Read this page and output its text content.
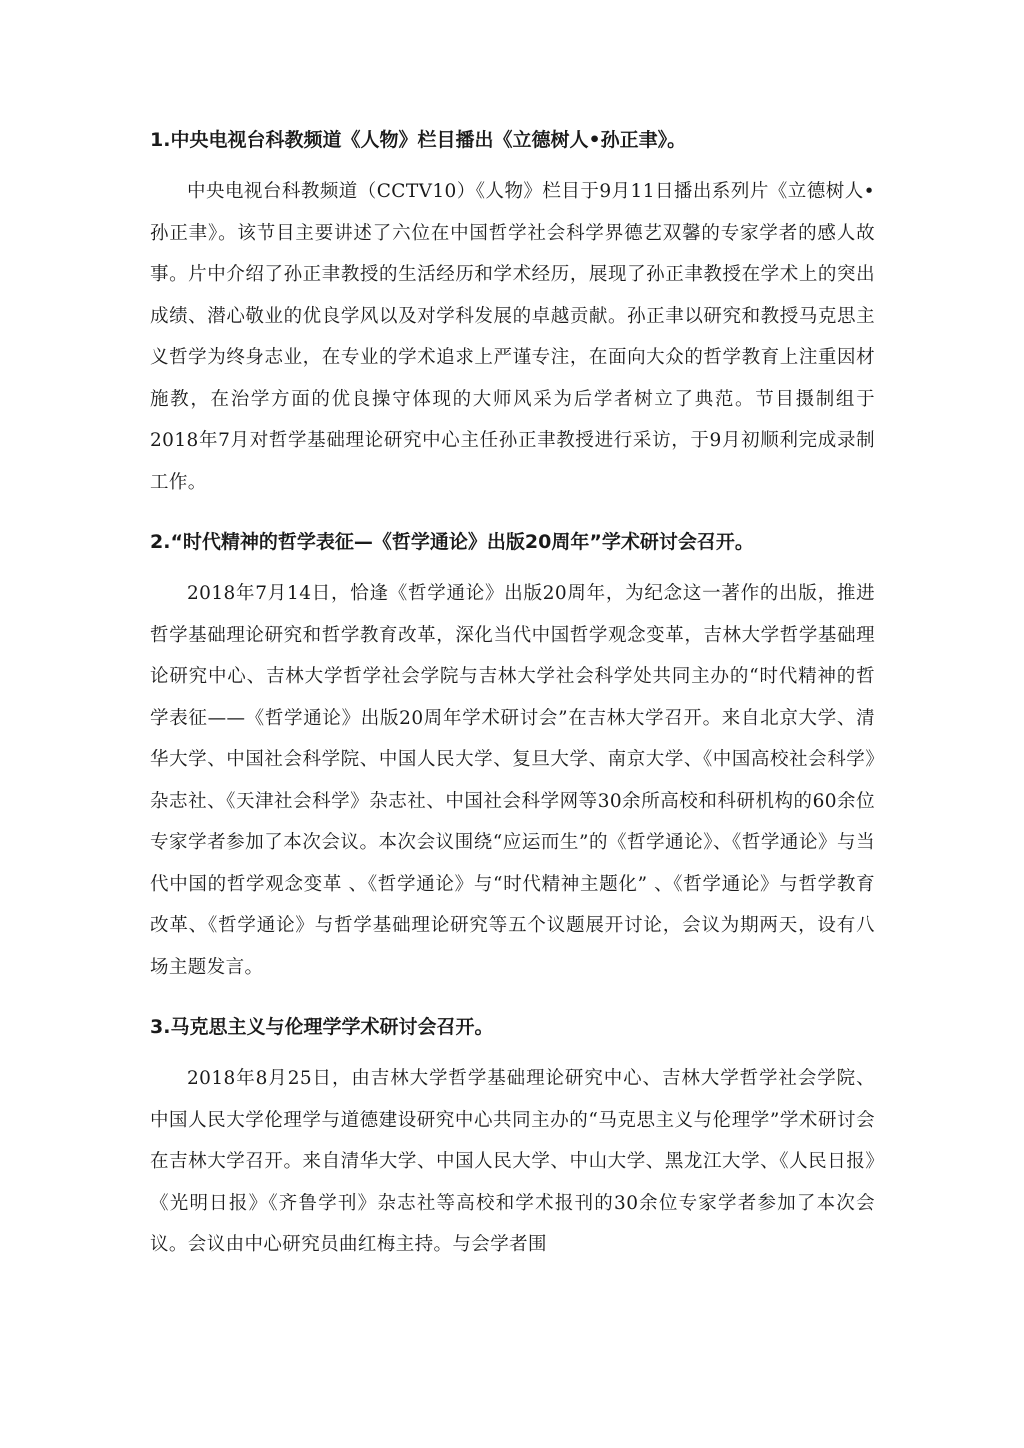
1.中央电视台科教频道《人物》栏目播出《立德树人•孙正聿》。

中央电视台科教频道（CCTV10）《人物》栏目于9月11日播出系列片《立德树人•孙正聿》。该节目主要讲述了六位在中国哲学社会科学界德艺双馨的专家学者的感人故事。片中介绍了孙正聿教授的生活经历和学术经历，展现了孙正聿教授在学术上的突出成绩、潜心敬业的优良学风以及对学科发展的卓越贡献。孙正聿以研究和教授马克思主义哲学为终身志业，在专业的学术追求上严谨专注，在面向大众的哲学教育上注重因材施教，在治学方面的优良操守体现的大师风采为后学者树立了典范。节目摄制组于2018年7月对哲学基础理论研究中心主任孙正聿教授进行采访，于9月初顺利完成录制工作。

2.“时代精神的哲学表征—《哲学通论》出版20周年”学术研讨会召开。

2018年7月14日，恰逢《哲学通论》出版20周年，为纪念这一著作的出版，推进哲学基础理论研究和哲学教育改革，深化当代中国哲学观念变革，吉林大学哲学基础理论研究中心、吉林大学哲学社会学院与吉林大学社会科学处共同主办的“时代精神的哲学表征——《哲学通论》出版20周年学术研讨会”在吉林大学召开。来自北京大学、清华大学、中国社会科学院、中国人民大学、复旦大学、南京大学、《中国高校社会科学》杂志社、《天津社会科学》杂志社、中国社会科学网等30余所高校和科研机构的60余位专家学者参加了本次会议。本次会议围绕“应运而生”的《哲学通论》、《哲学通论》与当代中国的哲学观念变革 、《哲学通论》与“时代精神主题化” 、《哲学通论》与哲学教育改革、《哲学通论》与哲学基础理论研究等五个议题展开讨论，会议为期两天，设有八场主题发言。

3.马克思主义与伦理学学术研讨会召开。

2018年8月25日，由吉林大学哲学基础理论研究中心、吉林大学哲学社会学院、中国人民大学伦理学与道德建设研究中心共同主办的“马克思主义与伦理学”学术研讨会在吉林大学召开。来自清华大学、中国人民大学、中山大学、黑龙江大学、《人民日报》《光明日报》《齐鲁学刊》杂志社等高校和学术报刊的30余位专家学者参加了本次会议。会议由中心研究员曲红梅主持。与会学者围
